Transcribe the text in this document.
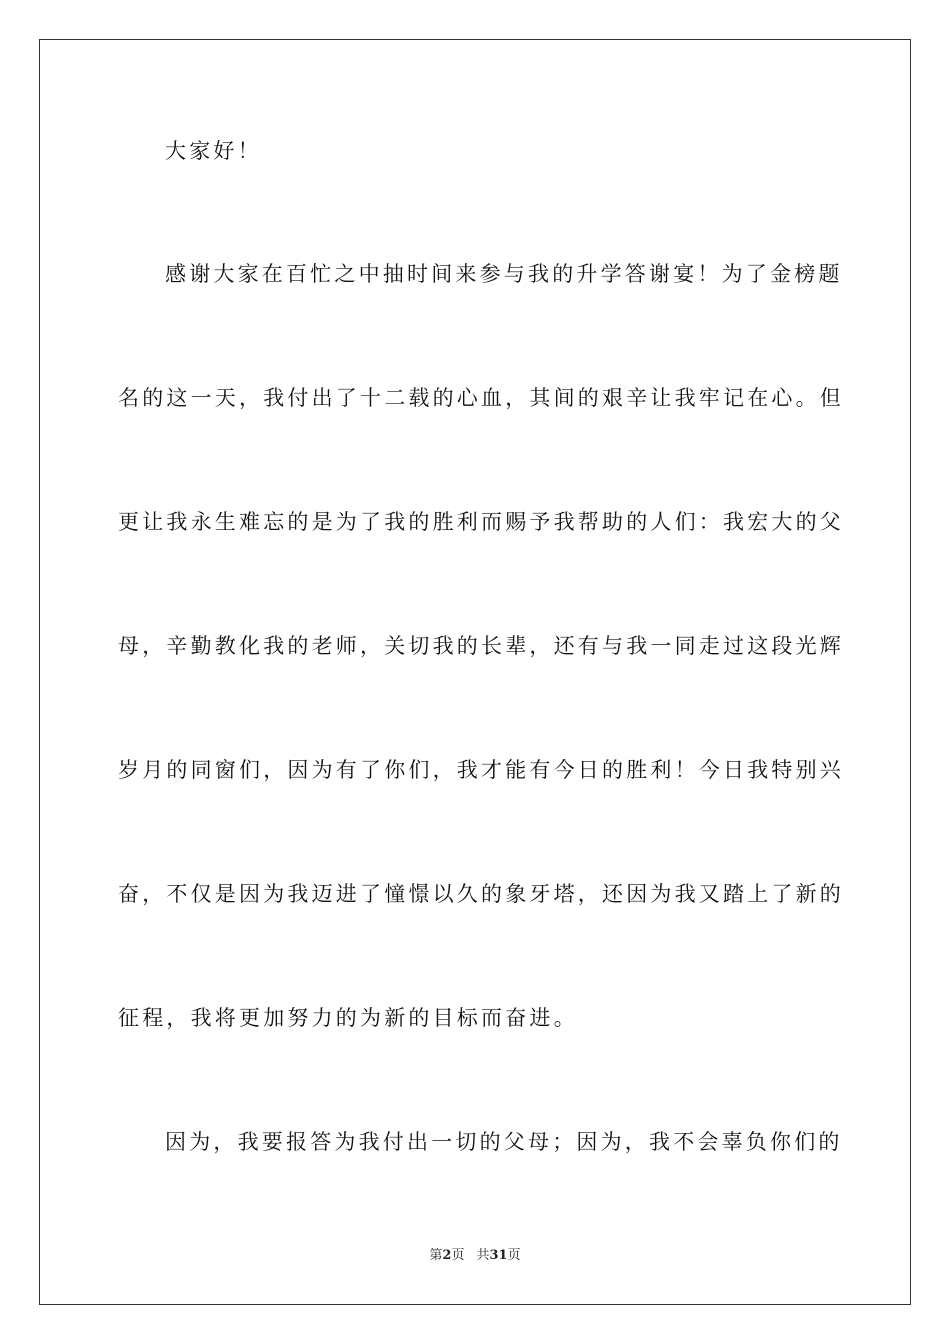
大家好！
感谢大家在百忙之中抽时间来参与我的升学答谢宴！为了金榜题
名的这一天，我付出了十二载的心血，其间的艰辛让我牢记在心。但
更让我永生难忘的是为了我的胜利而赐予我帮助的人们：我宏大的父
母，辛勤教化我的老师，关切我的长辈，还有与我一同走过这段光辉
岁月的同窗们，因为有了你们，我才能有今日的胜利！今日我特别兴
奋，不仅是因为我迈进了憧憬以久的象牙塔，还因为我又踏上了新的
征程，我将更加努力的为新的目标而奋进。
因为，我要报答为我付出一切的父母；因为，我不会辜负你们的
第2页 共31页
